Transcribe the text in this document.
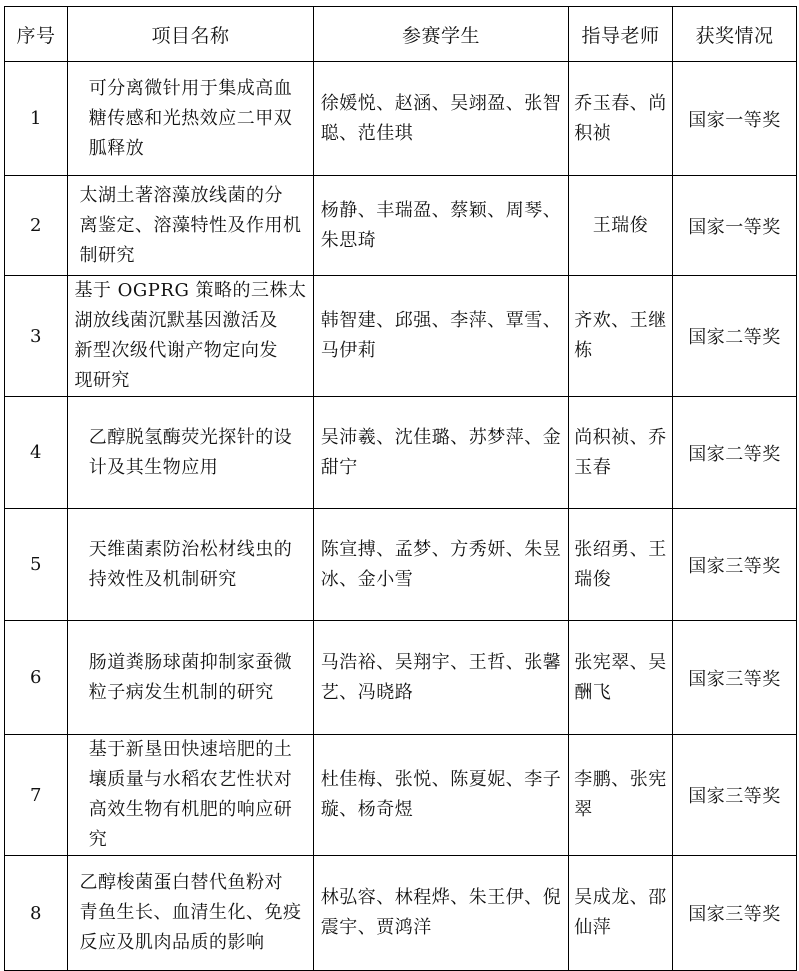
序号	项目名称	参赛学生	指导老师	获奖情况
1	可分离微针用于集成高血
糖传感和光热效应二甲双
胍释放	徐媛悦、赵涵、吴翊盈、张智
聪、范佳琪	乔玉春、尚
积祯	国家一等奖
2	太湖土著溶藻放线菌的分
离鉴定、溶藻特性及作用机
制研究	杨静、丰瑞盈、蔡颖、周琴、
朱思琦	王瑞俊	国家一等奖
3	基于 OGPRG 策略的三株太
湖放线菌沉默基因激活及
新型次级代谢产物定向发
现研究	韩智建、邱强、李萍、覃雪、
马伊莉	齐欢、王继
栋	国家二等奖
4	乙醇脱氢酶荧光探针的设
计及其生物应用	吴沛羲、沈佳璐、苏梦萍、金
甜宁	尚积祯、乔
玉春	国家二等奖
5	天维菌素防治松材线虫的
持效性及机制研究	陈宣搏、孟梦、方秀妍、朱昱
冰、金小雪	张绍勇、王
瑞俊	国家三等奖
6	肠道粪肠球菌抑制家蚕微
粒子病发生机制的研究	马浩裕、吴翔宇、王哲、张馨
艺、冯晓路	张宪翠、吴
酬飞	国家三等奖
7	基于新垦田快速培肥的土
壤质量与水稻农艺性状对
高效生物有机肥的响应研
究	杜佳梅、张悦、陈夏妮、李子
璇、杨奇煜	李鹏、张宪
翠	国家三等奖
8	乙醇梭菌蛋白替代鱼粉对
青鱼生长、血清生化、免疫
反应及肌肉品质的影响	林弘容、林程烨、朱王伊、倪
震宇、贾鸿洋	吴成龙、邵
仙萍	国家三等奖
